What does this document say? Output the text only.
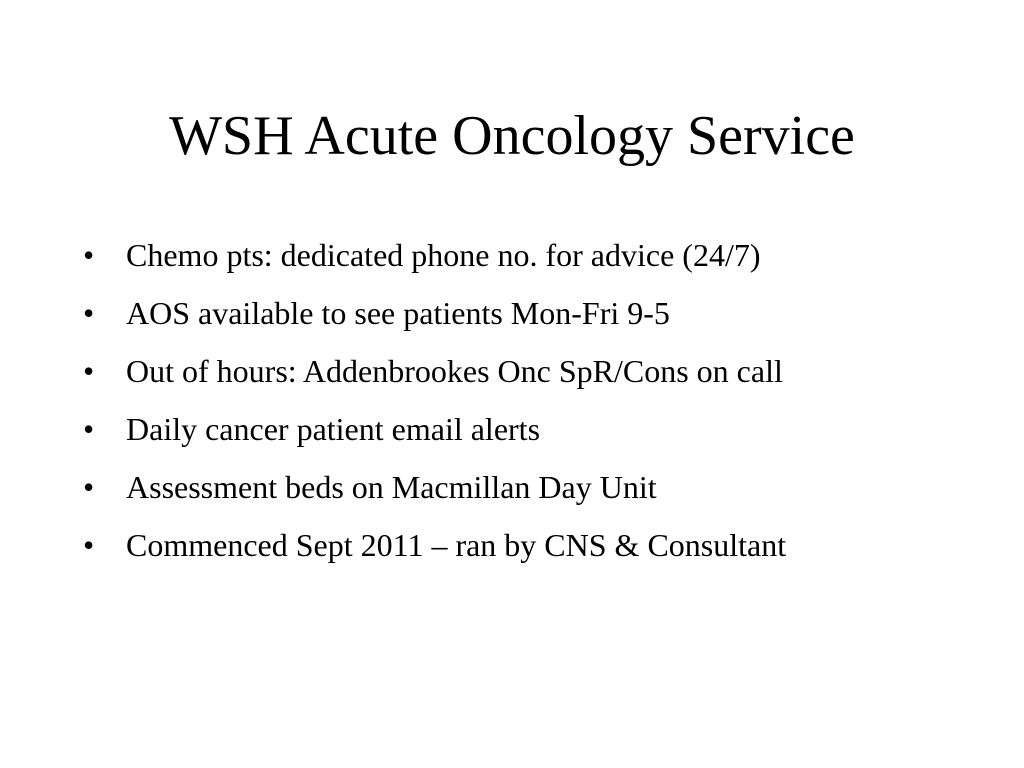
WSH Acute Oncology Service
• Chemo pts: dedicated phone no. for advice (24/7)
• AOS available to see patients Mon-Fri 9-5
• Out of hours: Addenbrookes Onc SpR/Cons on call
• Daily cancer patient email alerts
• Assessment beds on Macmillan Day Unit
• Commenced Sept 2011 – ran by CNS & Consultant
